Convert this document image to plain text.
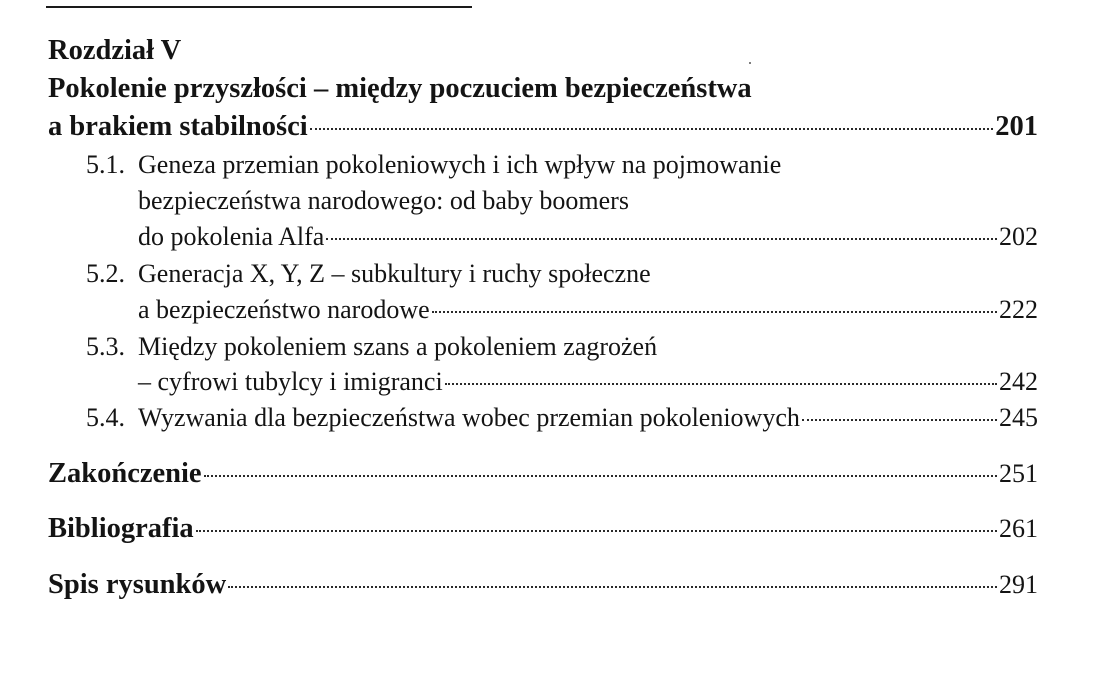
Rozdział V
Pokolenie przyszłości – między poczuciem bezpieczeństwa
a brakiem stabilności	201
5.1. Geneza przemian pokoleniowych i ich wpływ na pojmowanie
bezpieczeństwa narodowego: od baby boomers
do pokolenia Alfa	202
5.2. Generacja X, Y, Z – subkultury i ruchy społeczne
a bezpieczeństwo narodowe	222
5.3. Między pokoleniem szans a pokoleniem zagrożeń
– cyfrowi tubylcy i imigranci	242
5.4. Wyzwania dla bezpieczeństwa wobec przemian pokoleniowych	245
Zakończenie	251
Bibliografia	261
Spis rysunków	291
